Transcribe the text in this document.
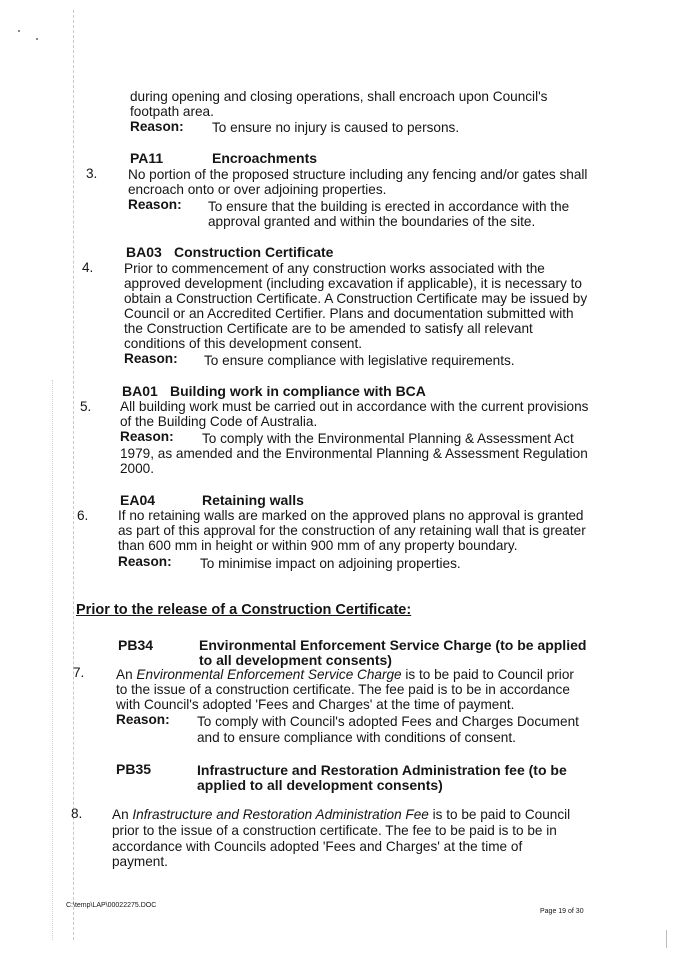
during opening and closing operations, shall encroach upon Council's
footpath area.
Reason: To ensure no injury is caused to persons.
PA11	Encroachments
3. No portion of the proposed structure including any fencing and/or gates shall
encroach onto or over adjoining properties.
Reason: To ensure that the building is erected in accordance with the
approval granted and within the boundaries of the site.
BA03 Construction Certificate
4. Prior to commencement of any construction works associated with the
approved development (including excavation if applicable), it is necessary to
obtain a Construction Certificate. A Construction Certificate may be issued by
Council or an Accredited Certifier. Plans and documentation submitted with
the Construction Certificate are to be amended to satisfy all relevant
conditions of this development consent.
Reason: To ensure compliance with legislative requirements.
BA01 Building work in compliance with BCA
5. All building work must be carried out in accordance with the current provisions
of the Building Code of Australia.
Reason: To comply with the Environmental Planning & Assessment Act
1979, as amended and the Environmental Planning & Assessment Regulation
2000.
EA04	Retaining walls
6. If no retaining walls are marked on the approved plans no approval is granted
as part of this approval for the construction of any retaining wall that is greater
than 600 mm in height or within 900 mm of any property boundary.
Reason: To minimise impact on adjoining properties.
Prior to the release of a Construction Certificate:
PB34	Environmental Enforcement Service Charge (to be applied
to all development consents)
7. An Environmental Enforcement Service Charge is to be paid to Council prior
to the issue of a construction certificate. The fee paid is to be in accordance
with Council's adopted 'Fees and Charges' at the time of payment.
Reason: To comply with Council's adopted Fees and Charges Document
and to ensure compliance with conditions of consent.
PB35	Infrastructure and Restoration Administration fee (to be
applied to all development consents)
8. An Infrastructure and Restoration Administration Fee is to be paid to Council
prior to the issue of a construction certificate. The fee to be paid is to be in
accordance with Councils adopted 'Fees and Charges' at the time of
payment.
C:\temp\LAP\00022275.DOC
Page 19 of 30
